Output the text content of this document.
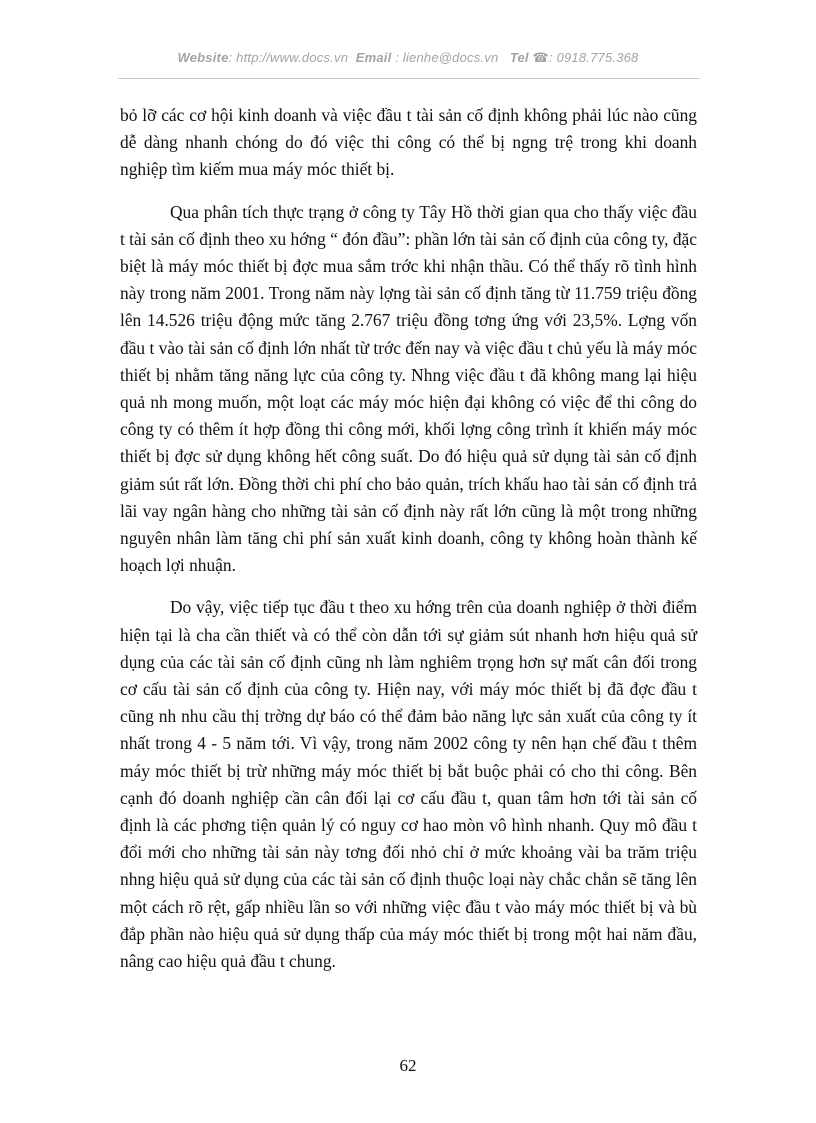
Website: http://www.docs.vn Email : lienhe@docs.vn Tel ☎: 0918.775.368

bỏ lỡ các cơ hội kinh doanh và việc đầu t tài sản cố định không phải lúc nào cũng dễ dàng nhanh chóng do đó việc thi công có thể bị ngng trệ trong khi doanh nghiệp tìm kiếm mua máy móc thiết bị.

Qua phân tích thực trạng ở công ty Tây Hồ thời gian qua cho thấy việc đầu t tài sản cố định theo xu hớng “ đón đầu”: phần lớn tài sản cố định của công ty, đặc biệt là máy móc thiết bị đợc mua sắm trớc khi nhận thầu. Có thể thấy rõ tình hình này trong năm 2001. Trong năm này lợng tài sản cố định tăng từ 11.759 triệu đồng lên 14.526 triệu động mức tăng 2.767 triệu đồng tơng ứng với 23,5%. Lợng vốn đầu t vào tài sản cố định lớn nhất từ trớc đến nay và việc đầu t chủ yếu là máy móc thiết bị nhằm tăng năng lực của công ty. Nhng việc đầu t đã không mang lại hiệu quả nh mong muốn, một loạt các máy móc hiện đại không có việc để thi công do công ty có thêm ít hợp đồng thi công mới, khối lợng công trình ít khiến máy móc thiết bị đợc sử dụng không hết công suất. Do đó hiệu quả sử dụng tài sản cố định giảm sút rất lớn. Đồng thời chi phí cho bảo quản, trích khấu hao tài sản cố định trả lãi vay ngân hàng cho những tài sản cố định này rất lớn cũng là một trong những nguyên nhân làm tăng chi phí sản xuất kinh doanh, công ty không hoàn thành kế hoạch lợi nhuận.

Do vậy, việc tiếp tục đầu t theo xu hớng trên của doanh nghiệp ở thời điểm hiện tại là cha cần thiết và có thể còn dẫn tới sự giảm sút nhanh hơn hiệu quả sử dụng của các tài sản cố định cũng nh làm nghiêm trọng hơn sự mất cân đối trong cơ cấu tài sản cố định của công ty. Hiện nay, với máy móc thiết bị đã đợc đầu t cũng nh nhu cầu thị trờng dự báo có thể đảm bảo năng lực sản xuất của công ty ít nhất trong 4 - 5 năm tới. Vì vậy, trong năm 2002 công ty nên hạn chế đầu t thêm máy móc thiết bị trừ những máy móc thiết bị bắt buộc phải có cho thi công. Bên cạnh đó doanh nghiệp cần cân đối lại cơ cấu đầu t, quan tâm hơn tới tài sản cố định là các phơng tiện quản lý có nguy cơ hao mòn vô hình nhanh. Quy mô đầu t đổi mới cho những tài sản này tơng đối nhỏ chỉ ở mức khoảng vài ba trăm triệu nhng hiệu quả sử dụng của các tài sản cố định thuộc loại này chắc chắn sẽ tăng lên một cách rõ rệt, gấp nhiều lần so với những việc đầu t vào máy móc thiết bị và bù đắp phần nào hiệu quả sử dụng thấp của máy móc thiết bị trong một hai năm đầu, nâng cao hiệu quả đầu t chung.

62
